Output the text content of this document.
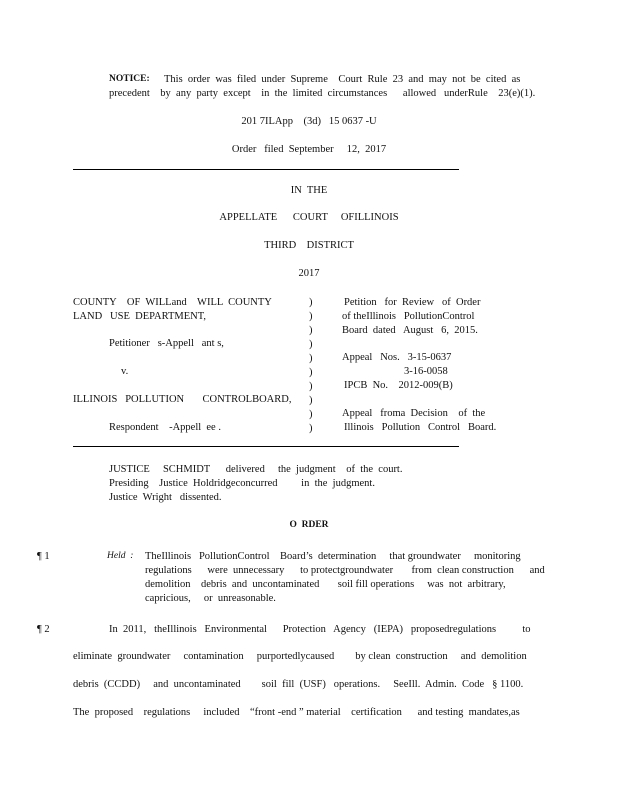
NOTICE: This  order  was  filed  under  Supreme    Court  Rule  23  and  may  not  be  cited  as
precedent    by  any  party  except    in  the  limited  circumstances      allowed   underRule    23(e)(1).
201 7ILApp    (3d)   15 0637 -U
Order   filed  September     12,  2017
IN  THE
APPELLATE      COURT     OFILLINOIS
THIRD    DISTRICT
2017
COUNTY    OF  WILLand    WILL  COUNTY
LAND   USE  DEPARTMENT,
Petitioner   s-Appell   ant s,
v.
ILLINOIS   POLLUTION       CONTROLBOARD,
Respondent    -Appell  ee .
)
)
)
)
)
)
)
)
)
)
Petition   for  Review   of  Order
of theIllinois   PollutionControl
Board  dated   August   6,  2015.
Appeal   Nos.   3-15-0637
3-16-0058
IPCB  No.    2012-009(B)
Appeal   froma  Decision    of  the
Illinois   Pollution   Control   Board.
JUSTICE     SCHMIDT      delivered     the  judgment    of  the  court.
Presiding    Justice  Holdridgeconcurred         in  the  judgment.
Justice  Wright   dissented.
O  RDER
¶ 1	Held  : TheIllinois   PollutionControl    Board’s  determination     that groundwater     monitoring
regulations      were  unnecessary      to protectgroundwater       from  clean construction      and
demolition    debris  and  uncontaminated       soil fill operations     was  not  arbitrary,
capricious,     or  unreasonable.
¶ 2	In  2011,   theIllinois   Environmental      Protection   Agency   (IEPA)   proposedregulations          to
eliminate  groundwater     contamination     purportedlycaused        by clean  construction     and  demolition
debris  (CCDD)     and  uncontaminated        soil  fill  (USF)   operations.     SeeIll.  Admin.  Code   § 1100.
The  proposed    regulations     included    “front -end ” material    certification      and testing  mandates,as
